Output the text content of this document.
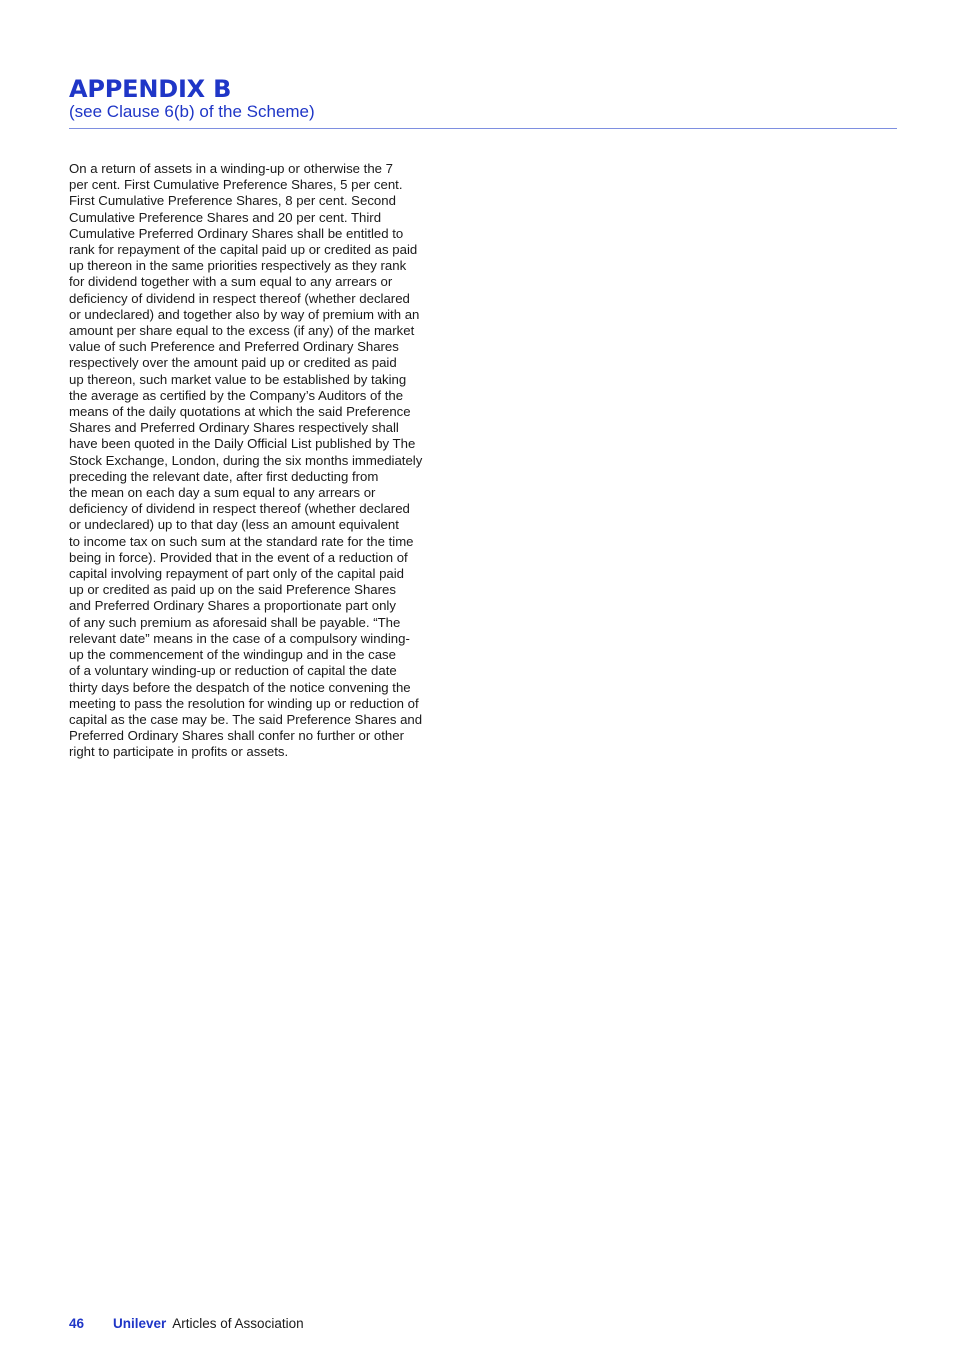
APPENDIX B

(see Clause 6(b) of the Scheme)

On a return of assets in a winding-up or otherwise the 7
per cent. First Cumulative Preference Shares, 5 per cent.
First Cumulative Preference Shares, 8 per cent. Second
Cumulative Preference Shares and 20 per cent. Third
Cumulative Preferred Ordinary Shares shall be entitled to
rank for repayment of the capital paid up or credited as paid
up thereon in the same priorities respectively as they rank
for dividend together with a sum equal to any arrears or
deficiency of dividend in respect thereof (whether declared
or undeclared) and together also by way of premium with an
amount per share equal to the excess (if any) of the market
value of such Preference and Preferred Ordinary Shares
respectively over the amount paid up or credited as paid
up thereon, such market value to be established by taking
the average as certified by the Company’s Auditors of the
means of the daily quotations at which the said Preference
Shares and Preferred Ordinary Shares respectively shall
have been quoted in the Daily Official List published by The
Stock Exchange, London, during the six months immediately
preceding the relevant date, after first deducting from
the mean on each day a sum equal to any arrears or
deficiency of dividend in respect thereof (whether declared
or undeclared) up to that day (less an amount equivalent
to income tax on such sum at the standard rate for the time
being in force). Provided that in the event of a reduction of
capital involving repayment of part only of the capital paid
up or credited as paid up on the said Preference Shares
and Preferred Ordinary Shares a proportionate part only
of any such premium as aforesaid shall be payable. “The
relevant date” means in the case of a compulsory winding-
up the commencement of the windingup and in the case
of a voluntary winding-up or reduction of capital the date
thirty days before the despatch of the notice convening the
meeting to pass the resolution for winding up or reduction of
capital as the case may be. The said Preference Shares and
Preferred Ordinary Shares shall confer no further or other
right to participate in profits or assets.

46 Unilever Articles of Association
